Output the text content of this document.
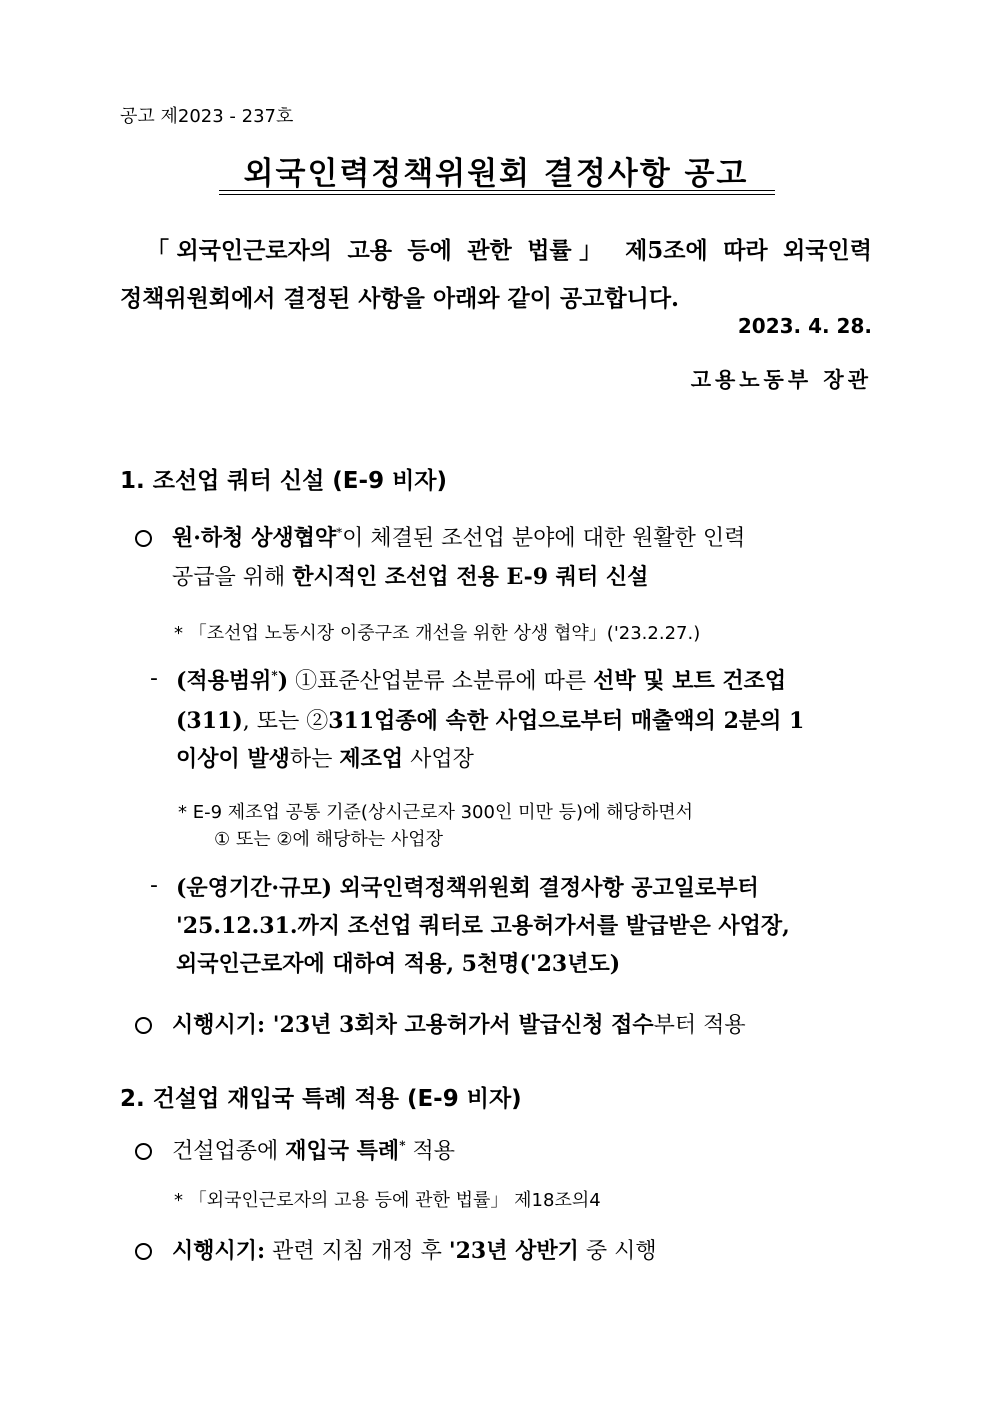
공고 제2023 - 237호
외국인력정책위원회 결정사항 공고
「외국인근로자의 고용 등에 관한 법률」 제5조에 따라 외국인력
정책위원회에서 결정된 사항을 아래와 같이 공고합니다.
2023. 4. 28.
고용노동부 장관
1. 조선업 쿼터 신설 (E-9 비자)
원·하청 상생협약*이 체결된 조선업 분야에 대한 원활한 인력
공급을 위해 한시적인 조선업 전용 E-9 쿼터 신설
* 「조선업 노동시장 이중구조 개선을 위한 상생 협약」('23.2.27.)
- (적용범위*) ①표준산업분류 소분류에 따른 선박 및 보트 건조업
(311), 또는 ②311업종에 속한 사업으로부터 매출액의 2분의 1
이상이 발생하는 제조업 사업장
* E-9 제조업 공통 기준(상시근로자 300인 미만 등)에 해당하면서
① 또는 ②에 해당하는 사업장
- (운영기간·규모) 외국인력정책위원회 결정사항 공고일로부터
'25.12.31.까지 조선업 쿼터로 고용허가서를 발급받은 사업장,
외국인근로자에 대하여 적용, 5천명('23년도)
시행시기: '23년 3회차 고용허가서 발급신청 접수부터 적용
2. 건설업 재입국 특례 적용 (E-9 비자)
건설업종에 재입국 특례* 적용
* 「외국인근로자의 고용 등에 관한 법률」 제18조의4
시행시기: 관련 지침 개정 후 '23년 상반기 중 시행
